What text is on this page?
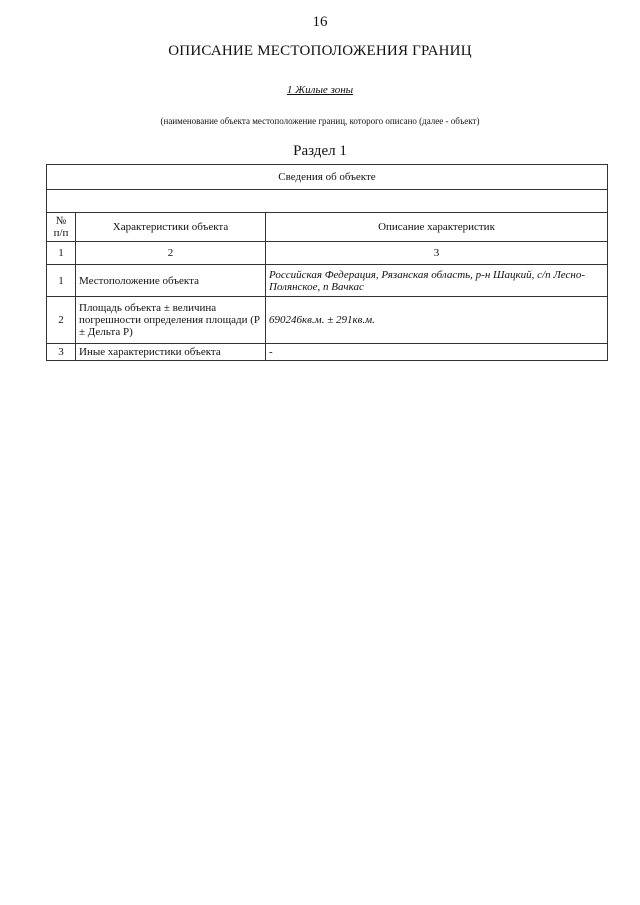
16
ОПИСАНИЕ МЕСТОПОЛОЖЕНИЯ ГРАНИЦ
1 Жилые зоны
(наименование объекта местоположение границ, которого описано (далее - объект)
Раздел 1
Сведения об объекте		

№ п/п	Характеристики объекта	Описание характеристик
1	2	3
1	Местоположение объекта	Российская Федерация, Рязанская область, р-н Шацкий, с/п Лесно-Полянское, п Вачкас
2	Площадь объекта ± величина погрешности определения площади (Р ± Дельта Р)	690246кв.м. ± 291кв.м.
3	Иные характеристики объекта	-
